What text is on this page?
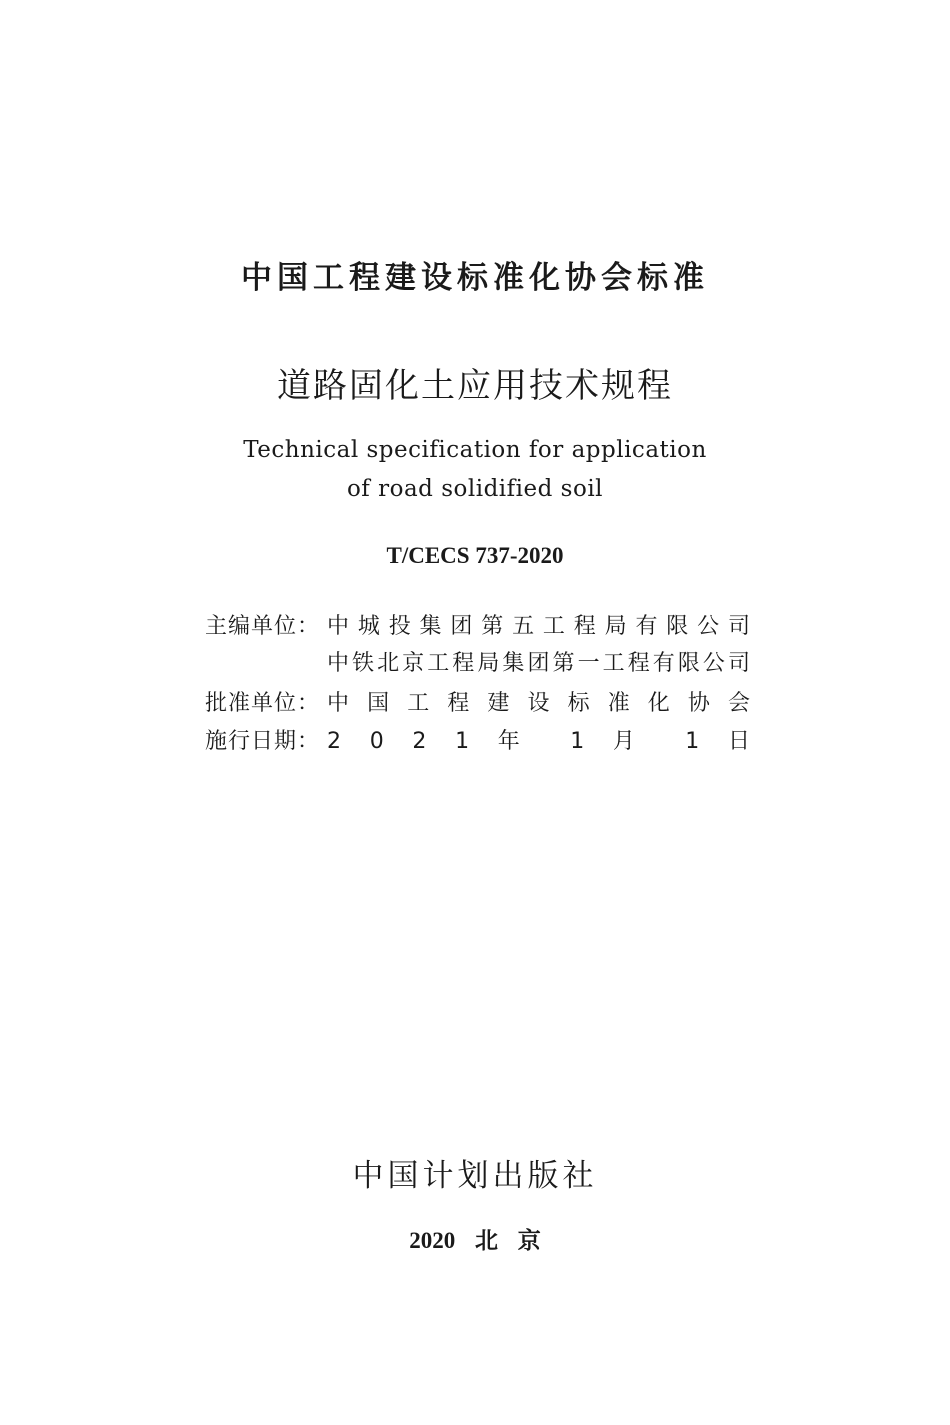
中国工程建设标准化协会标准
道路固化土应用技术规程
Technical specification for application
of road solidified soil
T/CECS 737-2020
主编单位： 中 城 投 集 团 第 五 工 程 局 有 限 公 司
中铁北京工程局集团第一工程有限公司
批准单位： 中 国 工 程 建 设 标 准 化 协 会
施行日期： 2 0 2 1 年 1 月 1 日
中国计划出版社
2020 北 京
